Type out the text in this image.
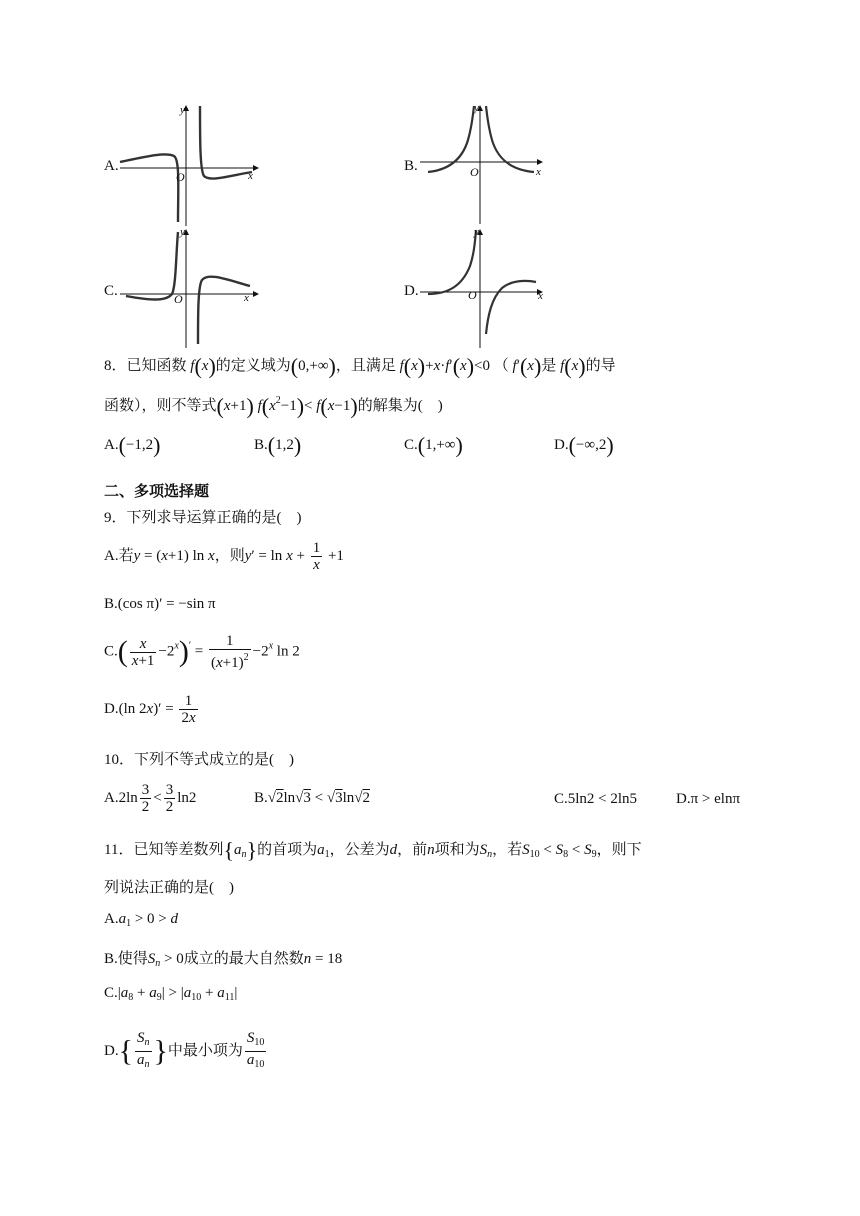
A.
y
x
O
B.
y
x
O
C.
y
x
O	D.
y
x
O
8．已知函数 f(x)的定义域为(0,+∞)，且满足 f(x)+x·f′(x)<0 （ f′(x)是 f(x)的导
函数），则不等式(x+1) $f(x^2-1)< f(x-1)$的解集为(　)
A.(−1,2)	B.(1,2)	C.(1,+∞)	D.(−∞,2)
二、多项选择题
9．下列求导运算正确的是(　)
A.若y = (x+1) ln x，则$y' = \ln x + \frac{1}{x} +1$
B.(cos π)′ = −sin π
$C.( \frac{x}{x+1} -2^x)' = \frac{1}{(x+1)^2} -2^x$ ln 2
D.(ln $2x)' = \frac{1}{2x}$
10．下列不等式成立的是(　)
$A.2\ln \frac{3}{2} < \frac{3}{2} \ln 2$	B.√2ln√3 < √3ln√2	C.5ln2 < 2ln5	D.π > elnπ
11．已知等差数列$\{a_n\}$的首项为$a_1$，公差为d，前n项和为$S_n$，若$S_{10} < S_8 < S_9$，则下
列说法正确的是(　)
$A.a_1 > 0 > d$
B.使得$S_n > 0$成立的最大自然数n = 18
$C.|a_8 + a_9| > |a_{10} + a_{11}|$
$D.\{ \frac{S_n}{a_n}$ }中最小项为 $\frac{S_{10}}{a_{10}}$
